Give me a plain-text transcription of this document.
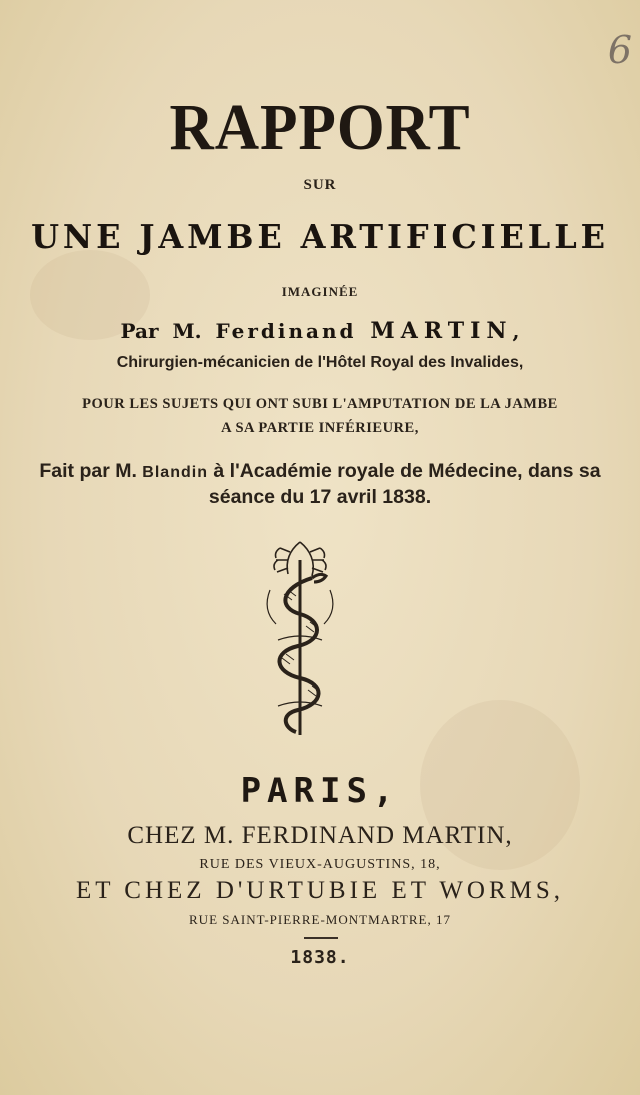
6
RAPPORT
SUR
UNE JAMBE ARTIFICIELLE
IMAGINÉE
Par M. Ferdinand MARTIN,
Chirurgien-mécanicien de l'Hôtel Royal des Invalides,
POUR LES SUJETS QUI ONT SUBI L'AMPUTATION DE LA JAMBE
A SA PARTIE INFÉRIEURE,
Fait par M. Blandin à l'Académie royale de Médecine, dans sa
séance du 17 avril 1838.
PARIS,
CHEZ M. FERDINAND MARTIN,
RUE DES VIEUX-AUGUSTINS, 18,
ET CHEZ D'URTUBIE ET WORMS,
RUE SAINT-PIERRE-MONTMARTRE, 17
1838.
